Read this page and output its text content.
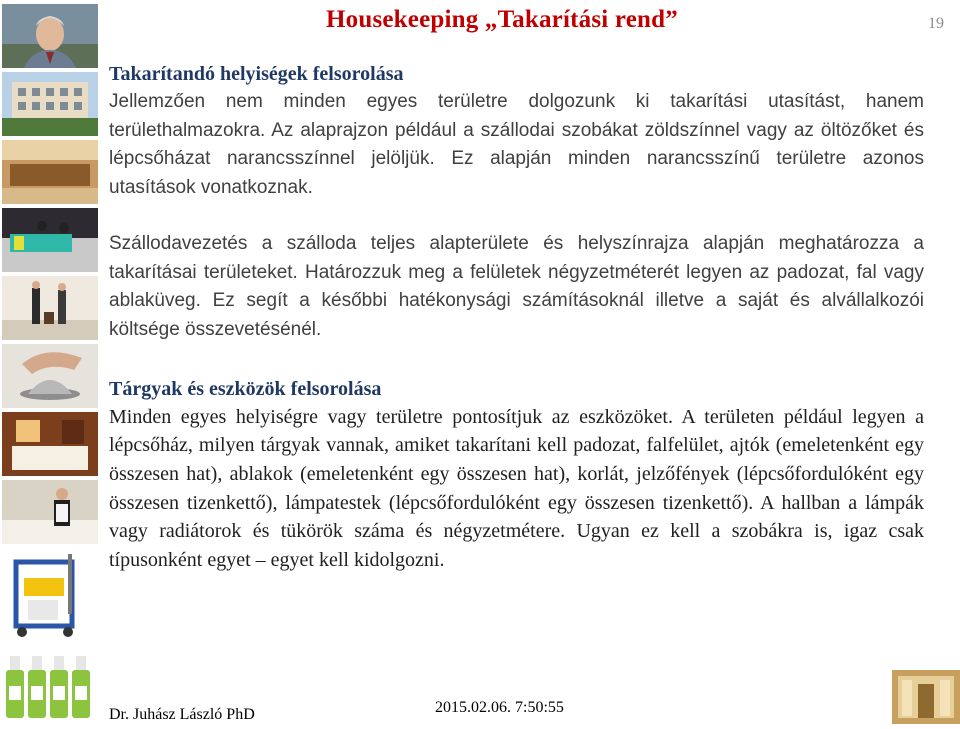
Housekeeping „Takarítási rend”	19

Takarítandó helyiségek felsorolása

Jellemzően nem minden egyes területre dolgozunk ki takarítási utasítást, hanem területhalmazokra. Az alaprajzon például a szállodai szobákat zöldszínnel vagy az öltözőket és lépcsőházat narancsszínnel jelöljük. Ez alapján minden narancsszínű területre azonos utasítások vonatkoznak.

Szállodavezetés a szálloda teljes alapterülete és helyszínrajza alapján meghatározza a takarításai területeket. Határozzuk meg a felületek négyzetméterét legyen az padozat, fal vagy ablaküveg. Ez segít a későbbi hatékonysági számításoknál illetve a saját és alvállalkozói költsége összevetésénél.

Tárgyak és eszközök felsorolása

Minden egyes helyiségre vagy területre pontosítjuk az eszközöket. A területen például legyen a lépcsőház, milyen tárgyak vannak, amiket takarítani kell padozat, falfelület, ajtók (emeletenként egy összesen hat), ablakok (emeletenként egy összesen hat), korlát, jelzőfények (lépcsőfordulóként egy összesen tizenkettő), lámpatestek (lépcsőfordulóként egy összesen tizenkettő). A hallban a lámpák vagy radiátorok és tükörök száma és négyzetmétere. Ugyan ez kell a szobákra is, igaz csak típusonként egyet – egyet kell kidolgozni.

Dr. Juhász László PhD	2015.02.06. 7:50:55
